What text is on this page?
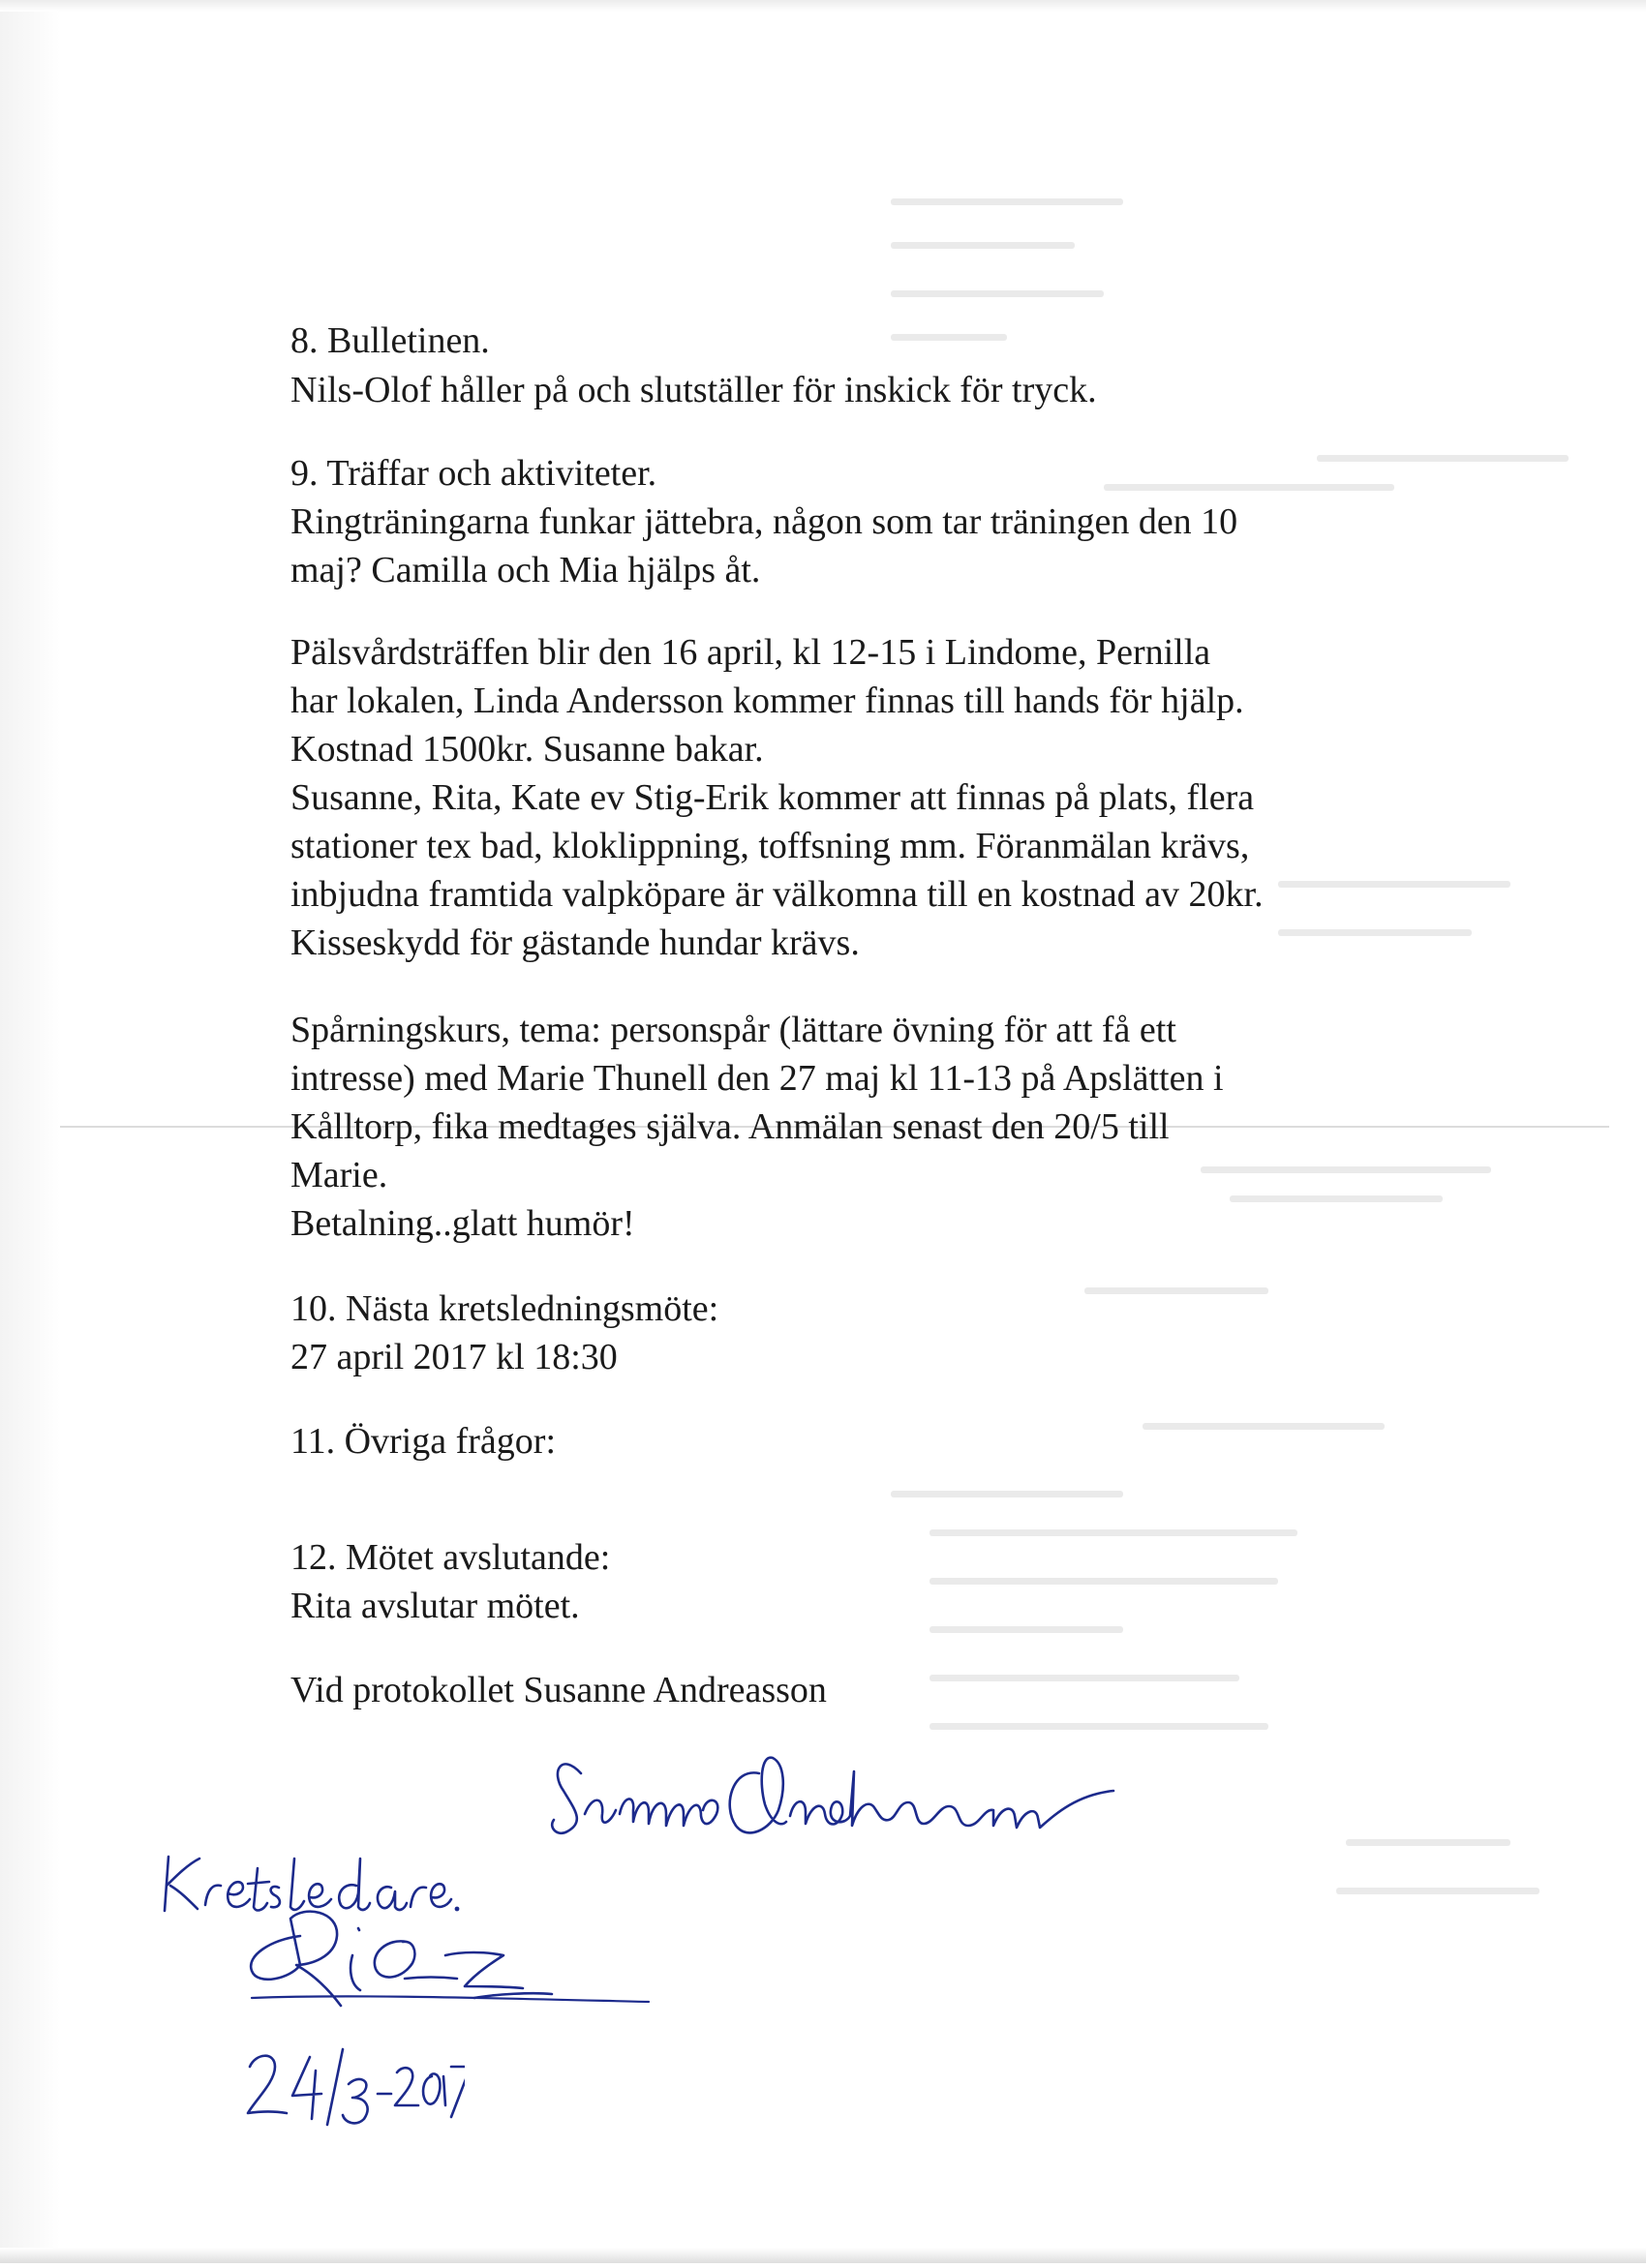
8. Bulletinen.
Nils-Olof håller på och slutställer för inskick för tryck.
9. Träffar och aktiviteter.
Ringträningarna funkar jättebra, någon som tar träningen den 10
maj? Camilla och Mia hjälps åt.
Pälsvårdsträffen blir den 16 april, kl 12-15 i Lindome, Pernilla
har lokalen, Linda Andersson kommer finnas till hands för hjälp.
Kostnad 1500kr. Susanne bakar.
Susanne, Rita, Kate ev Stig-Erik kommer att finnas på plats, flera
stationer tex bad, kloklippning, toffsning mm. Föranmälan krävs,
inbjudna framtida valpköpare är välkomna till en kostnad av 20kr.
Kisseskydd för gästande hundar krävs.
Spårningskurs, tema: personspår (lättare övning för att få ett
intresse) med Marie Thunell den 27 maj kl 11-13 på Apslätten i
Kålltorp, fika medtages själva. Anmälan senast den 20/5 till
Marie.
Betalning..glatt humör!
10. Nästa kretsledningsmöte:
27 april 2017 kl 18:30
11. Övriga frågor:
12. Mötet avslutande:
Rita avslutar mötet.
Vid protokollet Susanne Andreasson
